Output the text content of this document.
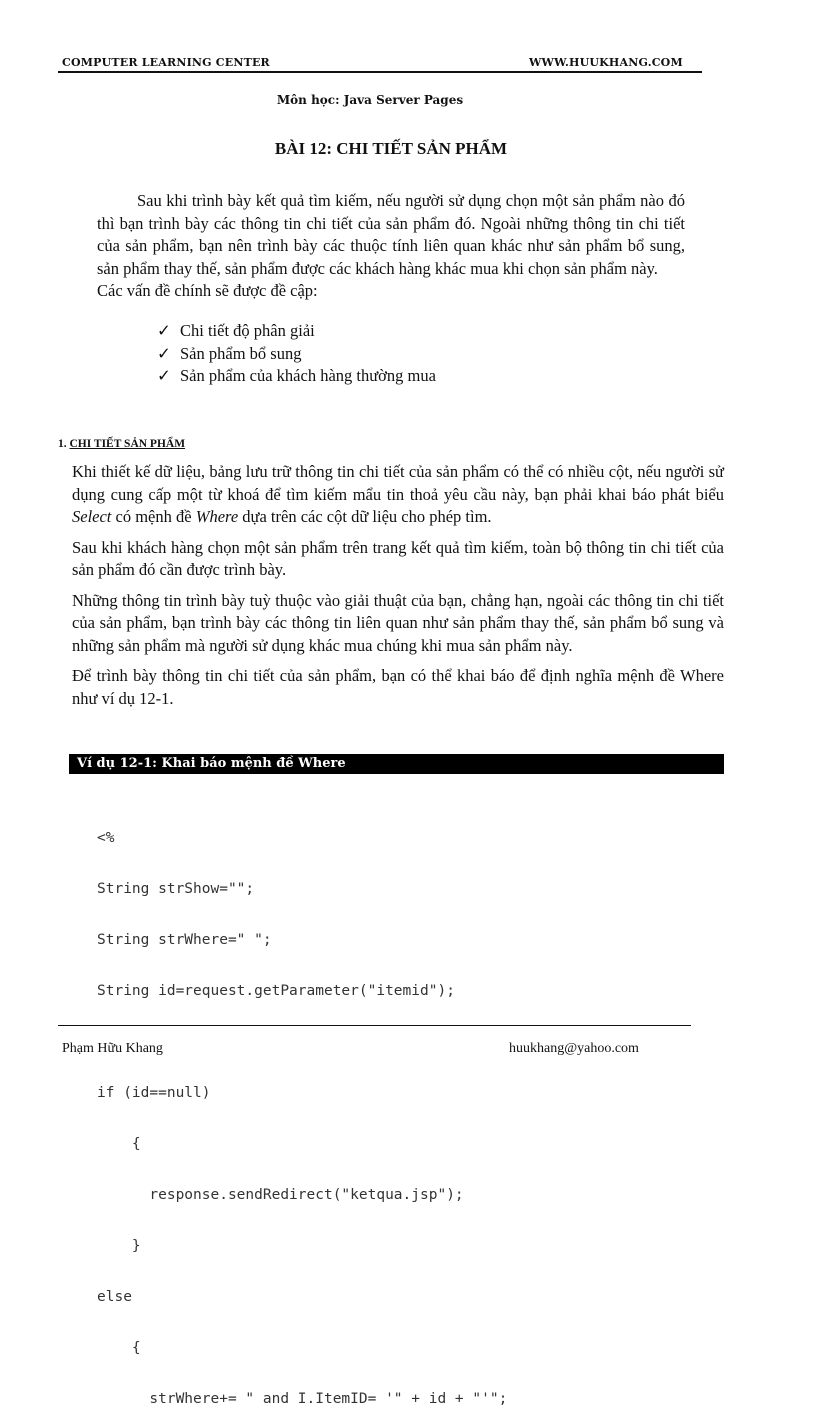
COMPUTER LEARNING CENTER	WWW.HUUKHANG.COM
Môn học: Java Server Pages
BÀI 12: CHI TIẾT SẢN PHẨM

Sau khi trình bày kết quả tìm kiếm, nếu người sử dụng chọn một sản phẩm nào đó thì bạn trình bày các thông tin chi tiết của sản phẩm đó. Ngoài những thông tin chi tiết của sản phẩm, bạn nên trình bày các thuộc tính liên quan khác như sản phẩm bổ sung, sản phẩm thay thế, sản phẩm được các khách hàng khác mua khi chọn sản phẩm này.

Các vấn đề chính sẽ được đề cập:

✓ Chi tiết độ phân giải
✓ Sản phẩm bổ sung
✓ Sản phẩm của khách hàng thường mua
1. CHI TIẾT SẢN PHẨM

Khi thiết kế dữ liệu, bảng lưu trữ thông tin chi tiết của sản phẩm có thể có nhiều cột, nếu người sử dụng cung cấp một từ khoá để tìm kiếm mẩu tin thoả yêu cầu này, bạn phải khai báo phát biểu Select có mệnh đề Where dựa trên các cột dữ liệu cho phép tìm.

Sau khi khách hàng chọn một sản phẩm trên trang kết quả tìm kiếm, toàn bộ thông tin chi tiết của sản phẩm đó cần được trình bày.

Những thông tin trình bày tuỳ thuộc vào giải thuật của bạn, chẳng hạn, ngoài các thông tin chi tiết của sản phẩm, bạn trình bày các thông tin liên quan như sản phẩm thay thế, sản phẩm bổ sung và những sản phẩm mà người sử dụng khác mua chúng khi mua sản phẩm này.

Để trình bày thông tin chi tiết của sản phẩm, bạn có thể khai báo để định nghĩa mệnh đề Where như ví dụ 12-1.

Ví dụ 12-1: Khai báo mệnh đề Where

<%

String strShow="";

String strWhere=" ";

String id=request.getParameter("itemid");

if (id==null)

{

response.sendRedirect("ketqua.jsp");

}

else

{

strWhere+= " and I.ItemID= '" + id + "'";

Phạm Hữu Khang	huukhang@yahoo.com
